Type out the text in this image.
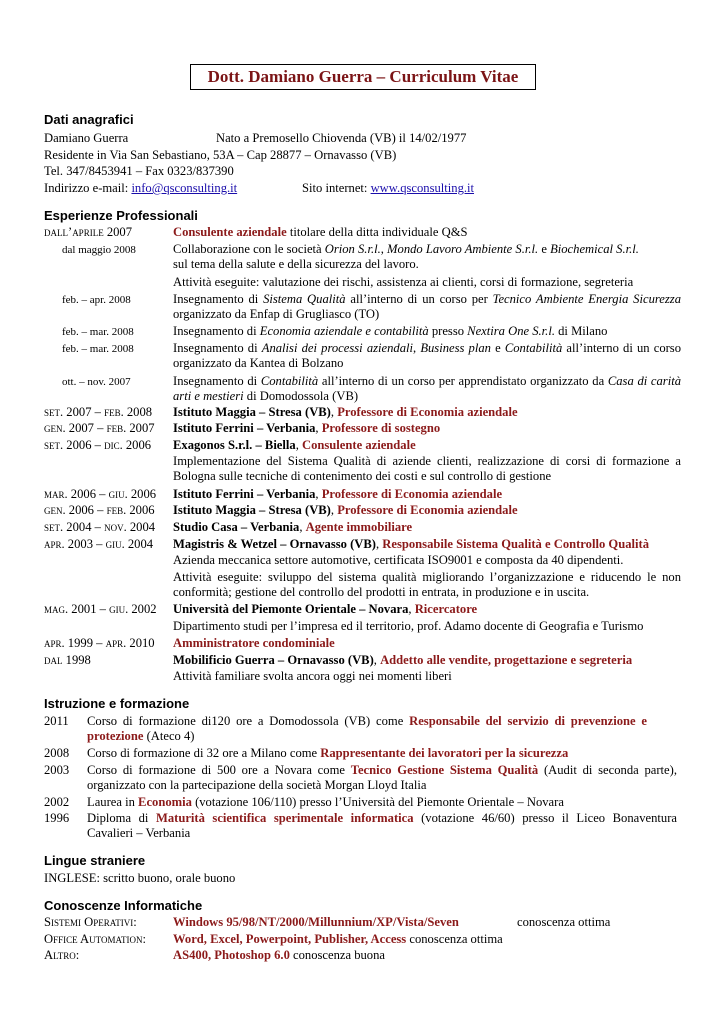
Dott. Damiano Guerra – Curriculum Vitae
Dati anagrafici
Damiano Guerra	Nato a Premosello Chiovenda (VB) il 14/02/1977
Residente in Via San Sebastiano, 53A – Cap 28877 – Ornavasso (VB)
Tel. 347/8453941 – Fax 0323/837390
Indirizzo e-mail: info@qsconsulting.it	Sito internet: www.qsconsulting.it
Esperienze Professionali
dall’aprile 2007	Consulente aziendale titolare della ditta individuale Q&S
dal maggio 2008	Collaborazione con le società Orion S.r.l., Mondo Lavoro Ambiente S.r.l. e Biochemical S.r.l.
sul tema della salute e della sicurezza del lavoro.
Attività eseguite: valutazione dei rischi, assistenza ai clienti, corsi di formazione, segreteria
feb. – apr. 2008	Insegnamento di Sistema Qualità all’interno di un corso per Tecnico Ambiente Energia Sicurezza organizzato da Enfap di Grugliasco (TO)
feb. – mar. 2008	Insegnamento di Economia aziendale e contabilità presso Nextira One S.r.l. di Milano
feb. – mar. 2008	Insegnamento di Analisi dei processi aziendali, Business plan e Contabilità all’interno di un corso organizzato da Kantea di Bolzano
ott. – nov. 2007	Insegnamento di Contabilità all’interno di un corso per apprendistato organizzato da Casa di carità arti e mestieri di Domodossola (VB)
set. 2007 – feb. 2008 Istituto Maggia – Stresa (VB), Professore di Economia aziendale
gen. 2007 – feb. 2007 Istituto Ferrini – Verbania, Professore di sostegno
set. 2006 – dic. 2006 Exagonos S.r.l. – Biella, Consulente aziendale
Implementazione del Sistema Qualità di aziende clienti, realizzazione di corsi di formazione a Bologna sulle tecniche di contenimento dei costi e sul controllo di gestione
mar. 2006 – giu. 2006 Istituto Ferrini – Verbania, Professore di Economia aziendale
gen. 2006 – feb. 2006 Istituto Maggia – Stresa (VB), Professore di Economia aziendale
set. 2004 – nov. 2004 Studio Casa – Verbania, Agente immobiliare
apr. 2003 – giu. 2004 Magistris & Wetzel – Ornavasso (VB), Responsabile Sistema Qualità e Controllo Qualità
Azienda meccanica settore automotive, certificata ISO9001 e composta da 40 dipendenti.
Attività eseguite: sviluppo del sistema qualità migliorando l’organizzazione e riducendo le non conformità; gestione del controllo del prodotti in entrata, in produzione e in uscita.
mag. 2001 – giu. 2002 Università del Piemonte Orientale – Novara, Ricercatore
Dipartimento studi per l’impresa ed il territorio, prof. Adamo docente di Geografia e Turismo
apr. 1999 – apr. 2010 Amministratore condominiale
dal 1998	Mobilificio Guerra – Ornavasso (VB), Addetto alle vendite, progettazione e segreteria
Attività familiare svolta ancora oggi nei momenti liberi
Istruzione e formazione
2011 Corso di formazione di120 ore a Domodossola (VB) come Responsabile del servizio di prevenzione e protezione (Ateco 4)
2008 Corso di formazione di 32 ore a Milano come Rappresentante dei lavoratori per la sicurezza
2003 Corso di formazione di 500 ore a Novara come Tecnico Gestione Sistema Qualità (Audit di seconda parte), organizzato con la partecipazione della società Morgan Lloyd Italia
2002 Laurea in Economia (votazione 106/110) presso l’Università del Piemonte Orientale – Novara
1996 Diploma di Maturità scientifica sperimentale informatica (votazione 46/60) presso il Liceo Bonaventura Cavalieri – Verbania
Lingue straniere
INGLESE: scritto buono, orale buono
Conoscenze Informatiche
Sistemi Operativi:	Windows 95/98/NT/2000/Millunnium/XP/Vista/Seven	conoscenza ottima
Office Automation: Word, Excel, Powerpoint, Publisher, Access conoscenza ottima
Altro:	AS400, Photoshop 6.0 conoscenza buona
